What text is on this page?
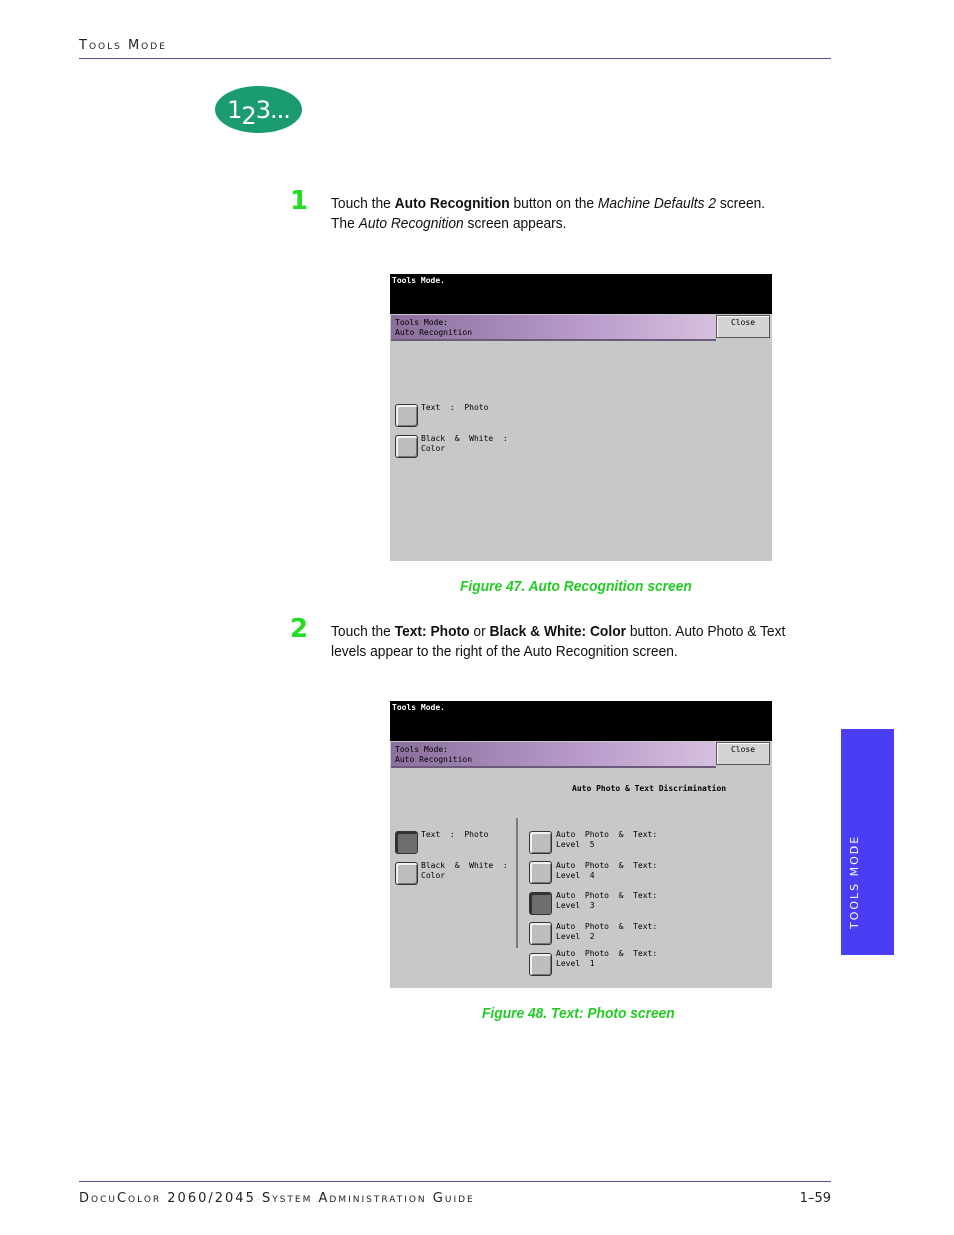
Tools Mode
1 2 3...
1 Touch the Auto Recognition button on the Machine Defaults 2 screen. The Auto Recognition screen appears.
Tools Mode.
Tools Mode:
Auto Recognition
Close
Text  :  Photo
Black  &  White  :
Color
Figure 47. Auto Recognition screen
2 Touch the Text: Photo or Black & White: Color button. Auto Photo & Text levels appear to the right of the Auto Recognition screen.
Tools Mode.
Tools Mode:
Auto Recognition
Close
Auto Photo & Text Discrimination
Text  :  Photo
Black  &  White  :
Color
Auto  Photo  &  Text:
Level  5
Auto  Photo  &  Text:
Level  4
Auto  Photo  &  Text:
Level  3
Auto  Photo  &  Text:
Level  2
Auto  Photo  &  Text:
Level  1
Figure 48. Text: Photo screen
TOOLS MODE
DocuColor 2060/2045 System Administration Guide	1–59
